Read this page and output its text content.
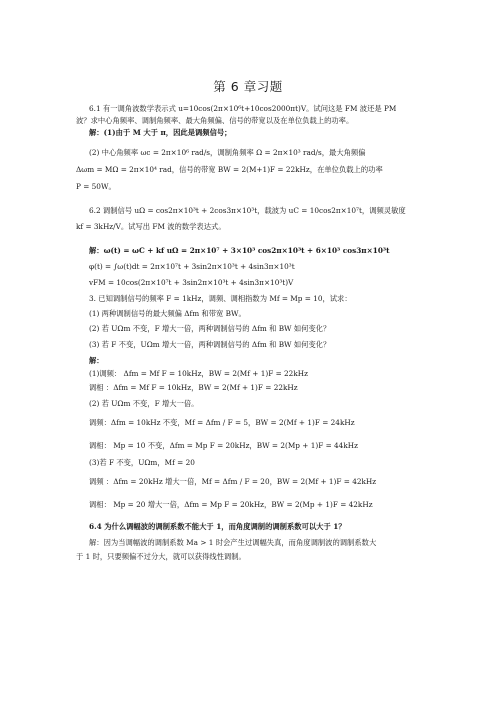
第 6 章习题
6.1 有一调角波数学表示式 u=10cos(2π×10⁶t+10cos2000πt)V。试问这是 FM 波还是 PM
波？求中心角频率、调制角频率、最大角频偏、信号的带宽以及在单位负载上的功率。
解：(1)由于 M 大于 π，因此是调频信号；
(2) 中心角频率 ωc = 2π×10⁶ rad/s，调制角频率 Ω = 2π×10³ rad/s，最大角频偏
Δωm = MΩ = 2π×10⁴ rad，信号的带宽 BW = 2(M+1)F = 22kHz，在单位负载上的功率
P = 50W。
6.2 调制信号 uΩ = cos2π×10³t + 2cos3π×10³t，载波为 uC = 10cos2π×10⁷t，调频灵敏度
kf = 3kHz/V。试写出 FM 波的数学表达式。
解：ω(t) = ωC + kf uΩ = 2π×10⁷ + 3×10³ cos2π×10³t + 6×10³ cos3π×10³t
φ(t) = ∫ω(t)dt = 2π×10⁷t + 3sin2π×10³t + 4sin3π×10³t
vFM = 10cos(2π×10⁷t + 3sin2π×10³t + 4sin3π×10³t)V
3. 已知调制信号的频率 F = 1kHz，调频、调相指数为 Mf = Mp = 10，试求：
(1) 两种调制信号的最大频偏 Δfm 和带宽 BW。
(2) 若 UΩm 不变，F 增大一倍，两种调制信号的 Δfm 和 BW 如何变化？
(3) 若 F 不变，UΩm 增大一倍，两种调制信号的 Δfm 和 BW 如何变化？
解：
(1)调频： Δfm = Mf F = 10kHz，BW = 2(Mf + 1)F = 22kHz
调相 ：Δfm = Mf F = 10kHz，BW = 2(Mf + 1)F = 22kHz
(2) 若 UΩm 不变，F 增大一倍。
调频：Δfm = 10kHz 不变，Mf = Δfm / F = 5，BW = 2(Mf + 1)F = 24kHz
调相： Mp = 10 不变，Δfm = Mp F = 20kHz，BW = 2(Mp + 1)F = 44kHz
(3)若 F 不变，UΩm，Mf = 20
调频 ：Δfm = 20kHz 增大一倍，Mf = Δfm / F = 20，BW = 2(Mf + 1)F = 42kHz
调相： Mp = 20 增大一倍，Δfm = Mp F = 20kHz，BW = 2(Mp + 1)F = 42kHz
6.4 为什么调幅波的调制系数不能大于 1，而角度调制的调制系数可以大于 1？
解：因为当调幅波的调制系数 Ma > 1 时会产生过调幅失真，而角度调制波的调制系数大
于 1 时，只要频偏不过分大，就可以获得线性调制。
